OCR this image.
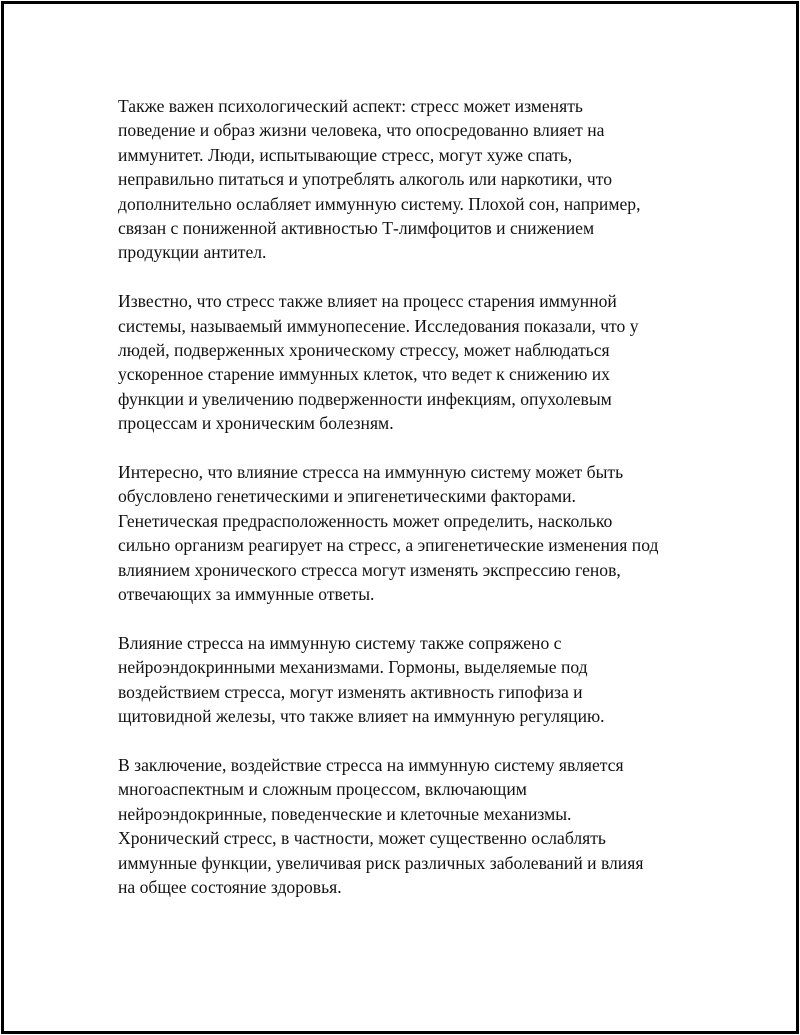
Также важен психологический аспект: стресс может изменять
поведение и образ жизни человека, что опосредованно влияет на
иммунитет. Люди, испытывающие стресс, могут хуже спать,
неправильно питаться и употреблять алкоголь или наркотики, что
дополнительно ослабляет иммунную систему. Плохой сон, например,
связан с пониженной активностью Т-лимфоцитов и снижением
продукции антител.

Известно, что стресс также влияет на процесс старения иммунной
системы, называемый иммунопесение. Исследования показали, что у
людей, подверженных хроническому стрессу, может наблюдаться
ускоренное старение иммунных клеток, что ведет к снижению их
функции и увеличению подверженности инфекциям, опухолевым
процессам и хроническим болезням.

Интересно, что влияние стресса на иммунную систему может быть
обусловлено генетическими и эпигенетическими факторами.
Генетическая предрасположенность может определить, насколько
сильно организм реагирует на стресс, а эпигенетические изменения под
влиянием хронического стресса могут изменять экспрессию генов,
отвечающих за иммунные ответы.

Влияние стресса на иммунную систему также сопряжено с
нейроэндокринными механизмами. Гормоны, выделяемые под
воздействием стресса, могут изменять активность гипофиза и
щитовидной железы, что также влияет на иммунную регуляцию.

В заключение, воздействие стресса на иммунную систему является
многоаспектным и сложным процессом, включающим
нейроэндокринные, поведенческие и клеточные механизмы.
Хронический стресс, в частности, может существенно ослаблять
иммунные функции, увеличивая риск различных заболеваний и влияя
на общее состояние здоровья.
